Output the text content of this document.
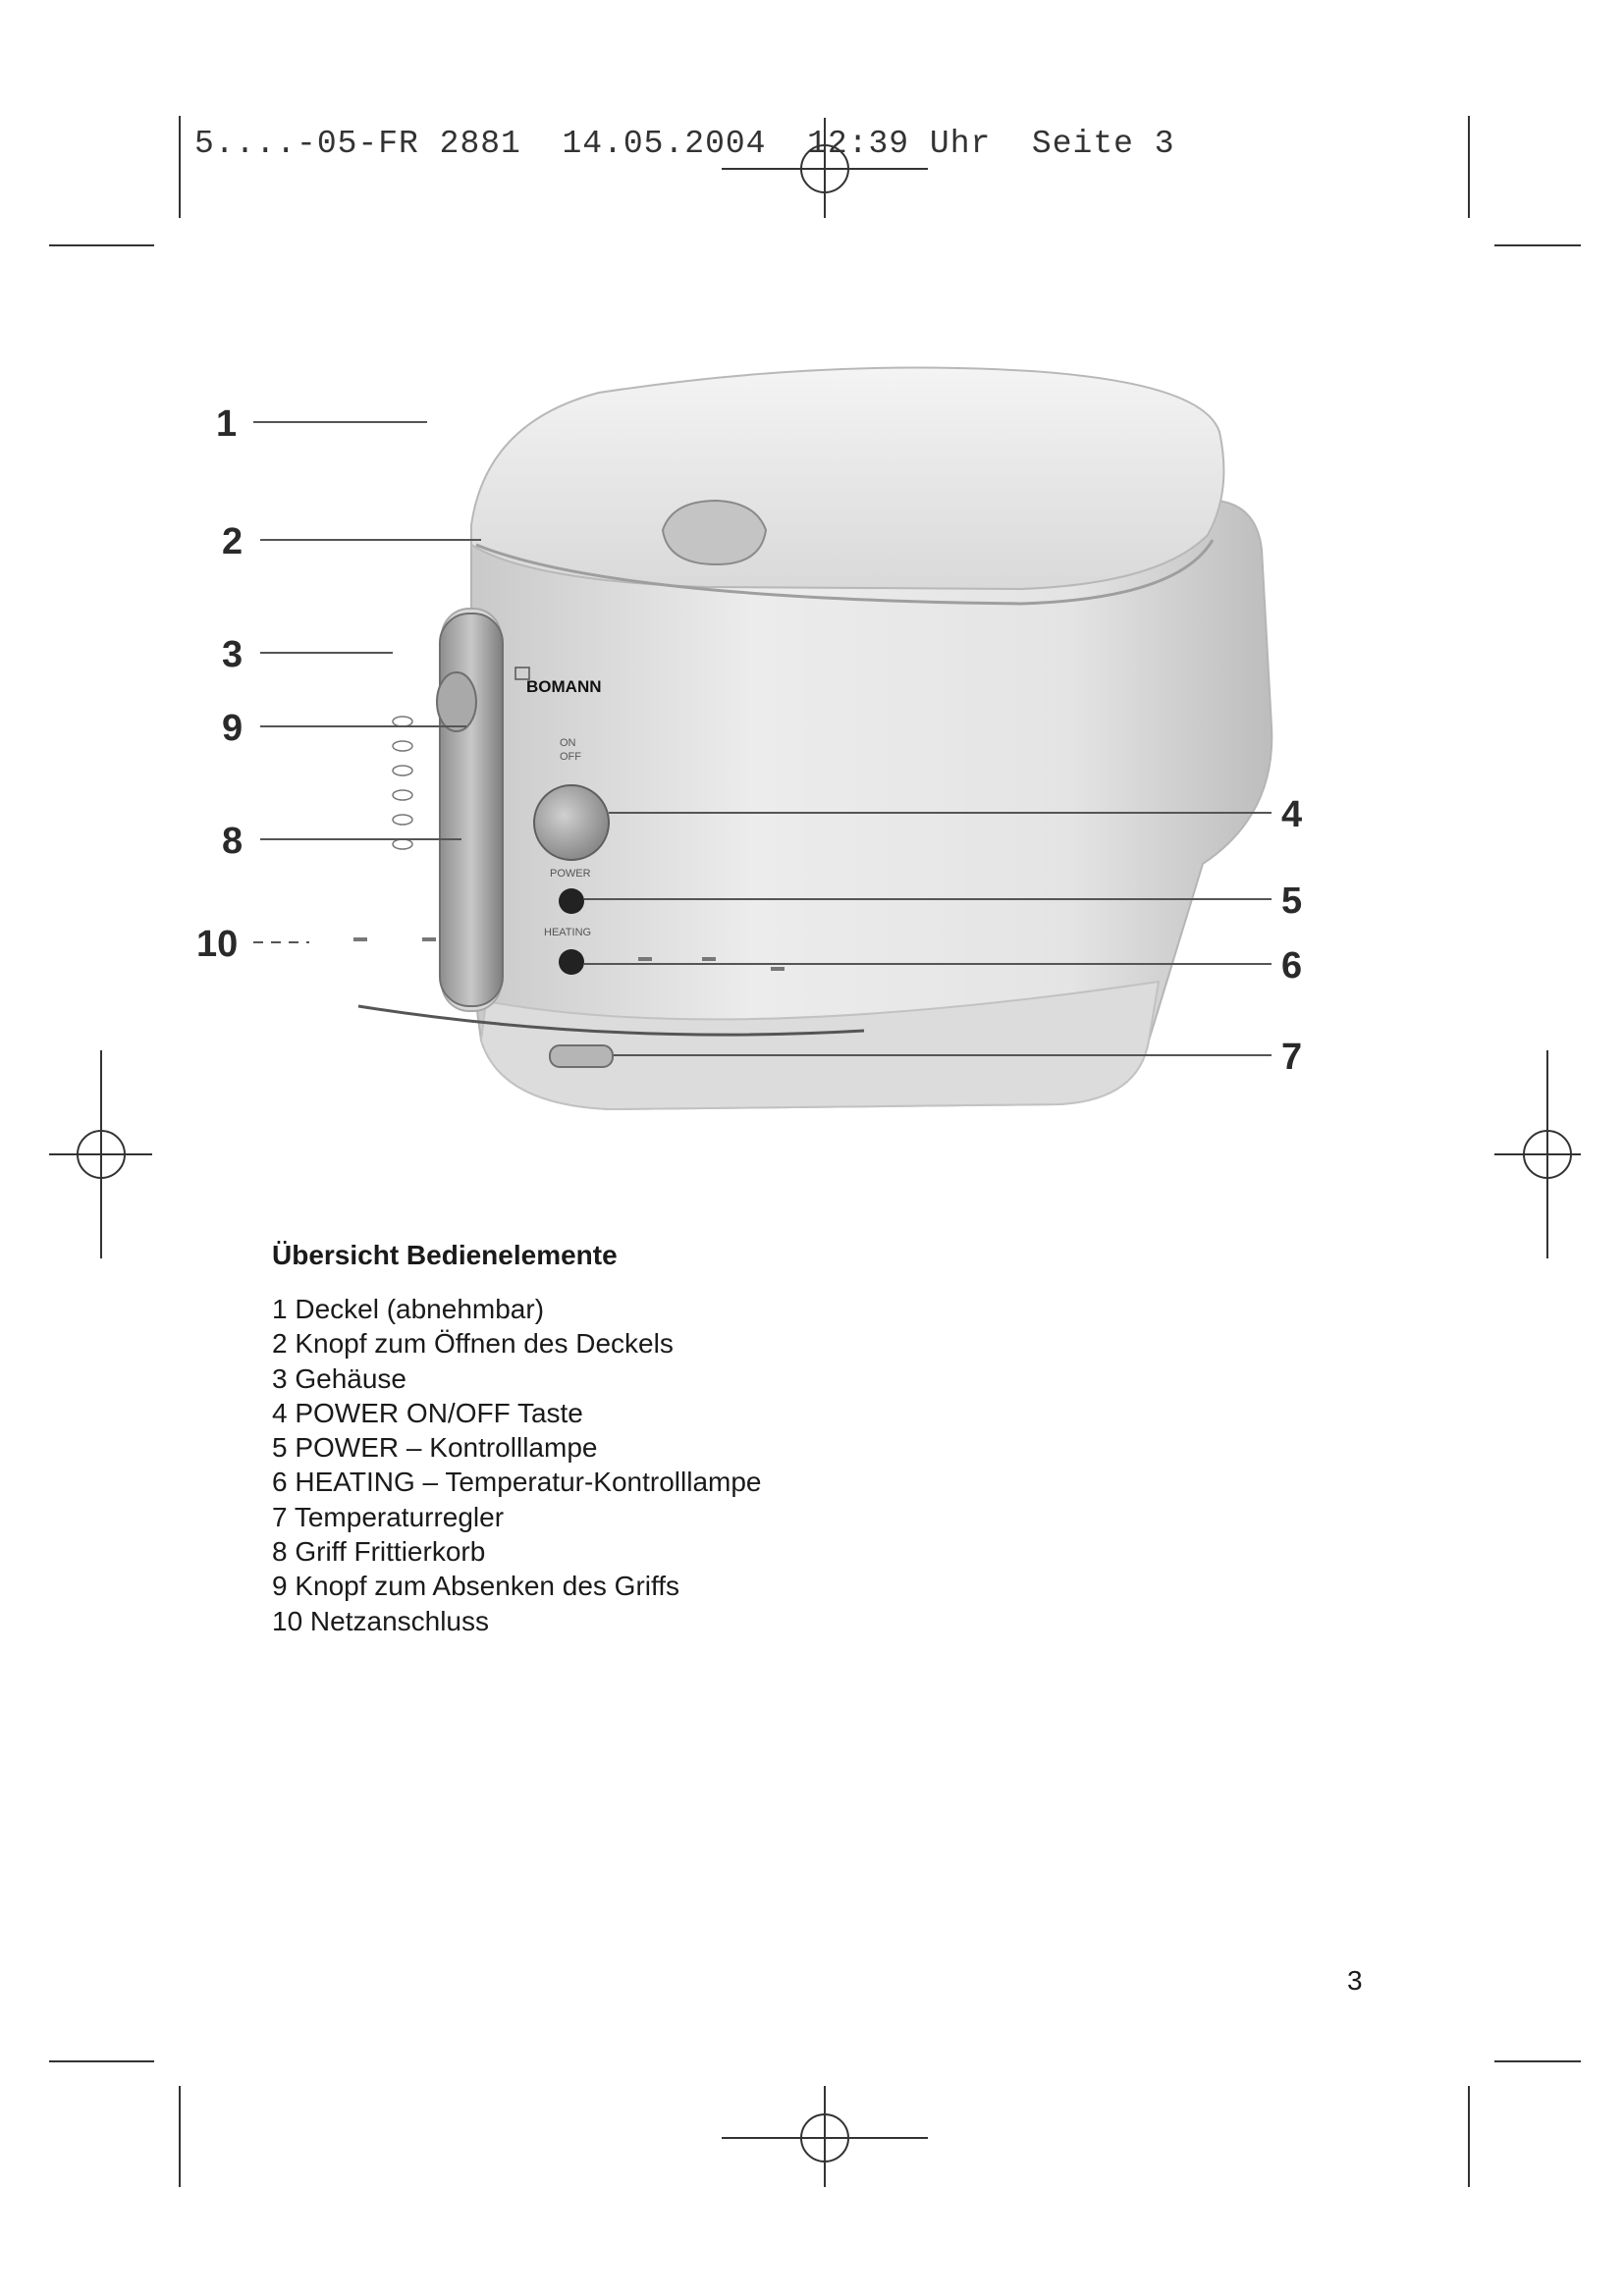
5....-05-FR 2881  14.05.2004  12:39 Uhr  Seite 3
BOMANN
ON
OFF
POWER
HEATING
1
2
3
9
8
10
4
5
6
7
Übersicht Bedienelemente
1 Deckel (abnehmbar)
2 Knopf zum Öffnen des Deckels
3 Gehäuse
4 POWER ON/OFF Taste
5 POWER – Kontrolllampe
6 HEATING – Temperatur-Kontrolllampe
7 Temperaturregler
8 Griff Frittierkorb
9 Knopf zum Absenken des Griffs
10 Netzanschluss
3
